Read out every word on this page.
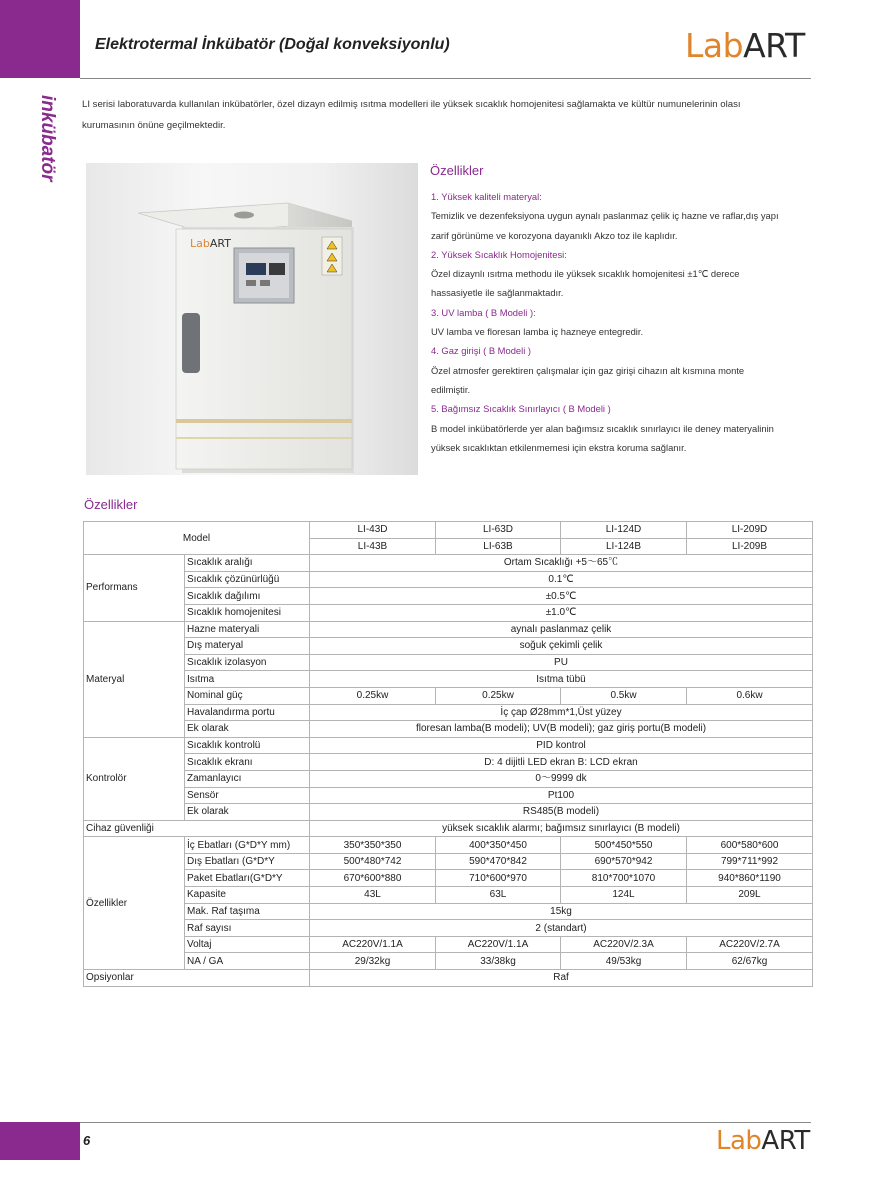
Elektrotermal İnkübatör (Doğal konveksiyonlu)	LabART
inkübatör	LI serisi laboratuvarda kullanılan inkübatörler, özel dizayn edilmiş ısıtma modelleri ile yüksek sıcaklık homojenitesi sağlamakta ve kültür numunelerinin olası kurumasının önüne geçilmektedir.
LabART
Özellikler
1. Yüksek kaliteli materyal:
Temizlik ve dezenfeksiyona uygun aynalı paslanmaz çelik iç hazne ve raflar,dış yapı zarif görünüme ve korozyona dayanıklı Akzo toz ile kaplıdır.
2. Yüksek Sıcaklık Homojenitesi:
Özel dizaynlı ısıtma methodu ile yüksek sıcaklık homojenitesi ±1℃ derece hassasiyetle ile sağlanmaktadır.
3. UV lamba ( B Modeli ):
UV lamba ve floresan lamba iç hazneye entegredir.
4. Gaz girişi ( B Modeli )
Özel atmosfer gerektiren çalışmalar için gaz girişi cihazın alt kısmına monte edilmiştir.
5. Bağımsız Sıcaklık Sınırlayıcı ( B Modeli )
B model inkübatörlerde yer alan bağımsız sıcaklık sınırlayıcı ile deney materyalinin yüksek sıcaklıktan etkilenmemesi için ekstra koruma sağlanır.
Özellikler
Model		LI-43D	LI-63D	LI-124D	LI-209D
		LI-43B	LI-63B	LI-124B	LI-209B
Performans	Sıcaklık aralığı	Ortam Sıcaklığı +5～65℃			
	Sıcaklık çözünürlüğü	0.1℃			
	Sıcaklık dağılımı	±0.5℃			
	Sıcaklık homojenitesi	±1.0℃			
Materyal	Hazne materyali	aynalı paslanmaz çelik			
	Dış materyal	soğuk çekimli çelik			
	Sıcaklık izolasyon	PU			
	Isıtma	Isıtma tübü			
	Nominal güç	0.25kw	0.25kw	0.5kw	0.6kw
	Havalandırma portu	İç çap Ø28mm*1,Üst yüzey			
	Ek olarak	floresan lamba(B modeli); UV(B modeli); gaz giriş portu(B modeli)			
Kontrolör	Sıcaklık kontrolü	PID kontrol			
	Sıcaklık ekranı	D: 4 dijitli LED ekran B: LCD ekran			
	Zamanlayıcı	0～9999 dk			
	Sensör	Pt100			
	Ek olarak	RS485(B modeli)			
Cihaz güvenliği		yüksek sıcaklık alarmı; bağımsız sınırlayıcı (B modeli)			
Özellikler	İç Ebatları (G*D*Y mm)	350*350*350	400*350*450	500*450*550	600*580*600
	Dış Ebatları (G*D*Y	500*480*742	590*470*842	690*570*942	799*711*992
	Paket Ebatları(G*D*Y	670*600*880	710*600*970	810*700*1070	940*860*1190
	Kapasite	43L	63L	124L	209L
	Mak. Raf taşıma	15kg			
	Raf sayısı	2 (standart)			
	Voltaj	AC220V/1.1A	AC220V/1.1A	AC220V/2.3A	AC220V/2.7A
	NA / GA	29/32kg	33/38kg	49/53kg	62/67kg
Opsiyonlar		Raf			
6	LabART
